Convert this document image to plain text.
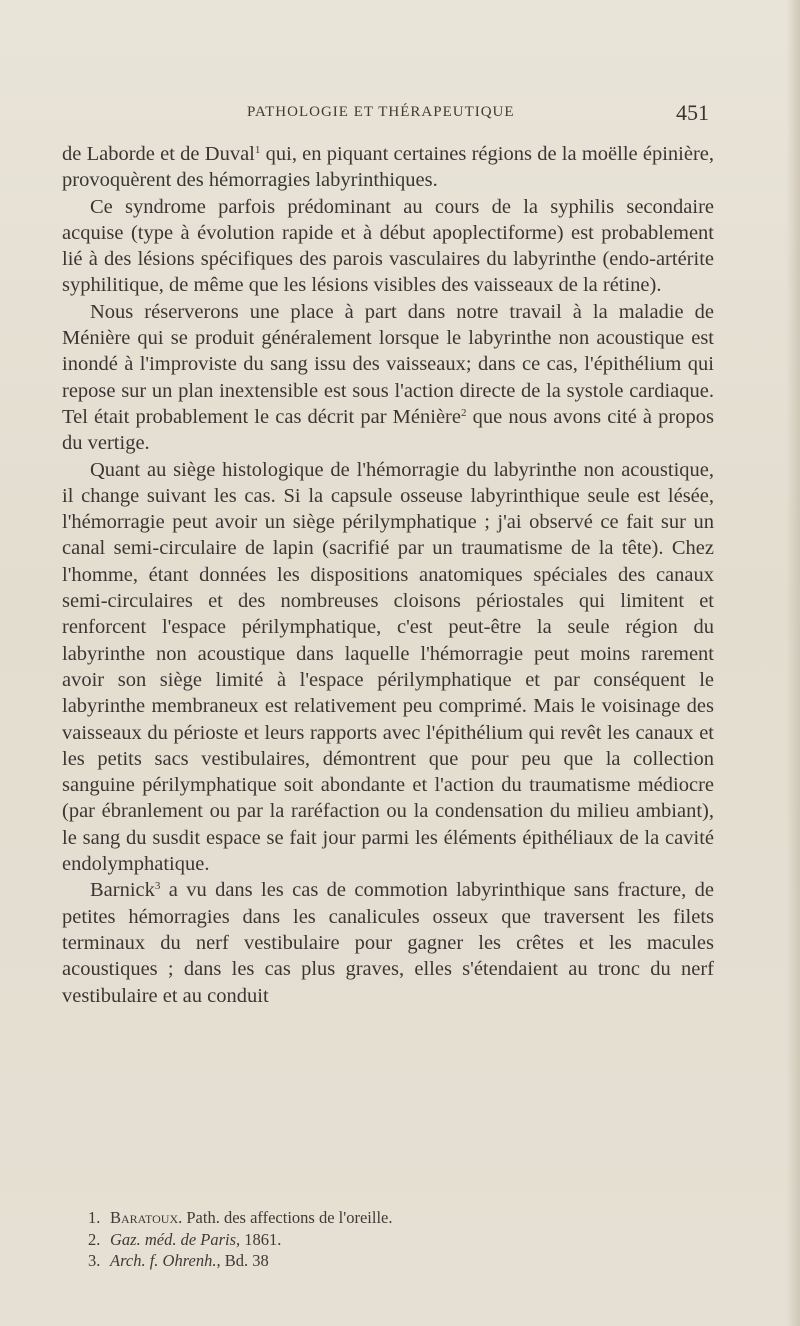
PATHOLOGIE ET THÉRAPEUTIQUE	451

de Laborde et de Duval$^1$ qui, en piquant certaines régions de la moëlle épinière, provoquèrent des hémorragies labyrinthiques.

Ce syndrome parfois prédominant au cours de la syphilis secondaire acquise (type à évolution rapide et à début apoplectiforme) est probablement lié à des lésions spécifiques des parois vasculaires du labyrinthe (endo-artérite syphilitique, de même que les lésions visibles des vaisseaux de la rétine).

Nous réserverons une place à part dans notre travail à la maladie de Ménière qui se produit généralement lorsque le labyrinthe non acoustique est inondé à l'improviste du sang issu des vaisseaux; dans ce cas, l'épithélium qui repose sur un plan inextensible est sous l'action directe de la systole cardiaque. Tel était probablement le cas décrit par Ménière$^2$ que nous avons cité à propos du vertige.

Quant au siège histologique de l'hémorragie du labyrinthe non acoustique, il change suivant les cas. Si la capsule osseuse labyrinthique seule est lésée, l'hémorragie peut avoir un siège périlymphatique ; j'ai observé ce fait sur un canal semi-circulaire de lapin (sacrifié par un traumatisme de la tête). Chez l'homme, étant données les dispositions anatomiques spéciales des canaux semi-circulaires et des nombreuses cloisons périostales qui limitent et renforcent l'espace périlymphatique, c'est peut-être la seule région du labyrinthe non acoustique dans laquelle l'hémorragie peut moins rarement avoir son siège limité à l'espace périlymphatique et par conséquent le labyrinthe membraneux est relativement peu comprimé. Mais le voisinage des vaisseaux du périoste et leurs rapports avec l'épithélium qui revêt les canaux et les petits sacs vestibulaires, démontrent que pour peu que la collection sanguine périlymphatique soit abondante et l'action du traumatisme médiocre (par ébranlement ou par la raréfaction ou la condensation du milieu ambiant), le sang du susdit espace se fait jour parmi les éléments épithéliaux de la cavité endolymphatique.

Barnick$^3$ a vu dans les cas de commotion labyrinthique sans fracture, de petites hémorragies dans les canalicules osseux que traversent les filets terminaux du nerf vestibulaire pour gagner les crêtes et les macules acoustiques ; dans les cas plus graves, elles s'étendaient au tronc du nerf vestibulaire et au conduit

1. Baratoux. Path. des affections de l'oreille.

2. Gaz. méd. de Paris, 1861.

3. Arch. f. Ohrenh., Bd. 38
